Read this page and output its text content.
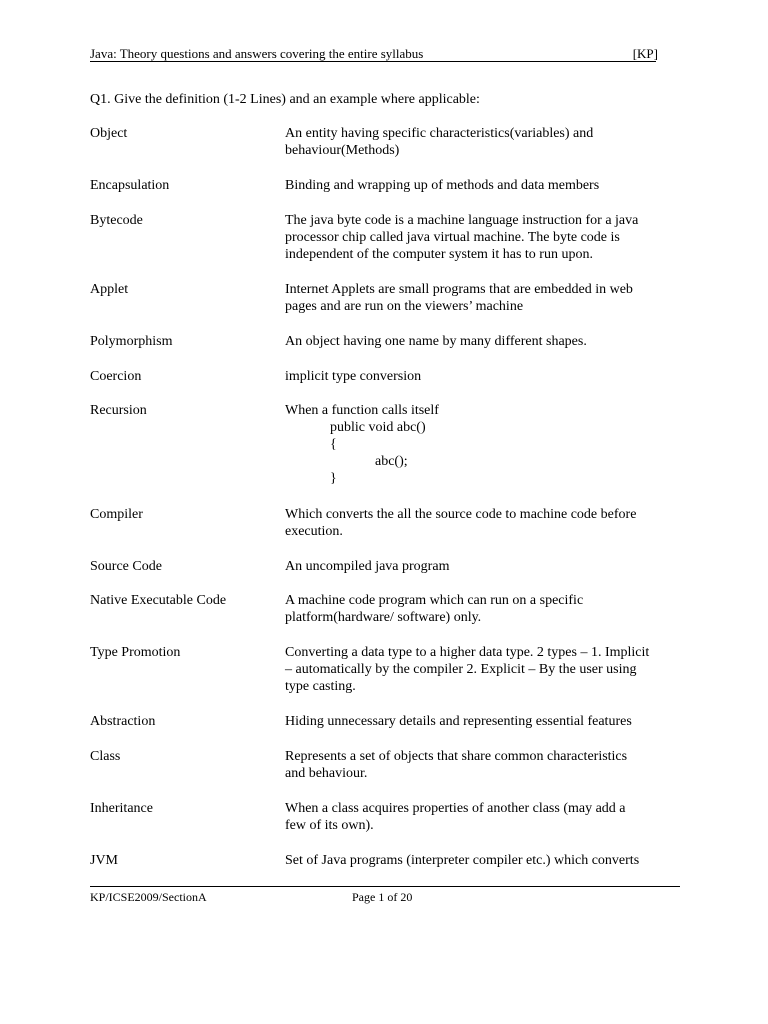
Java: Theory questions and answers covering the entire syllabus	[KP]
Q1. Give the definition (1-2 Lines) and an example where applicable:
Object	An entity having specific characteristics(variables) and
behaviour(Methods)
Encapsulation	Binding and wrapping up of methods and data members
Bytecode	The java byte code is a machine language instruction for a java
processor chip called java virtual machine. The byte code is
independent of the computer system it has to run upon.
Applet	Internet Applets are small programs that are embedded in web
pages and are run on the viewers’ machine
Polymorphism	An object having one name by many different shapes.
Coercion	implicit type conversion
Recursion	When a function calls itself
public void abc()
{
abc();
}
Compiler	Which converts the all the source code to machine code before
execution.
Source Code	An uncompiled java program
Native Executable Code	A machine code program which can run on a specific
platform(hardware/ software) only.
Type Promotion	Converting a data type to a higher data type. 2 types – 1. Implicit
– automatically by the compiler 2. Explicit – By the user using
type casting.
Abstraction	Hiding unnecessary details and representing essential features
Class	Represents a set of objects that share common characteristics
and behaviour.
Inheritance	When a class acquires properties of another class (may add a
few of its own).
JVM	Set of Java programs (interpreter compiler etc.) which converts
KP/ICSE2009/SectionA	Page 1 of 20
